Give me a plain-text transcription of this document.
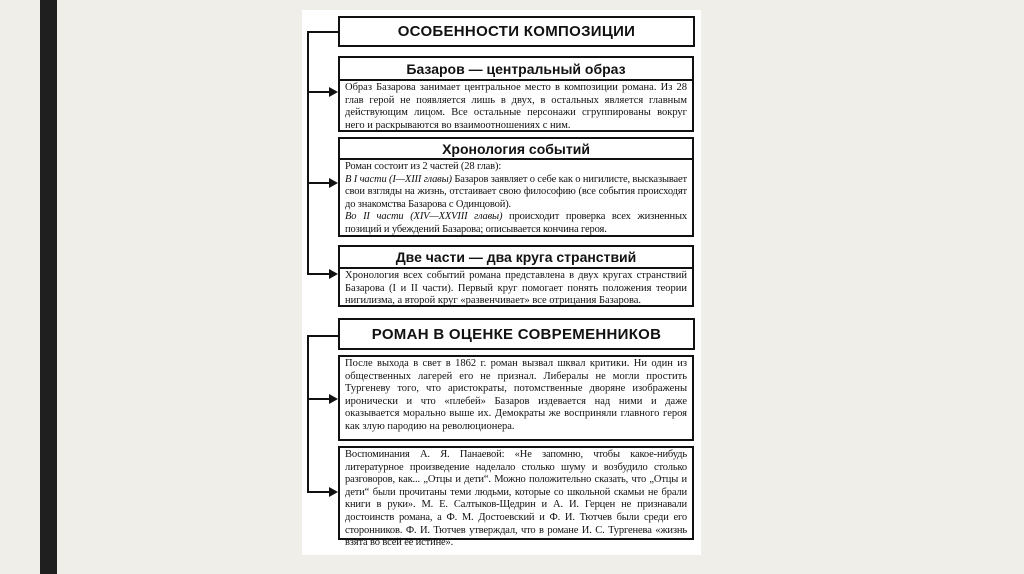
ОСОБЕННОСТИ КОМПОЗИЦИИ
Базаров — центральный образ

Образ Базарова занимает центральное место в композиции романа. Из 28 глав герой не появляется лишь в двух, в остальных является главным действующим лицом. Все остальные персонажи сгруппированы вокруг него и раскрываются во взаимоотношениях с ним.

Хронология событий

Роман состоит из 2 частей (28 глав):

В I части (I—XIII главы) Базаров заявляет о себе как о нигилисте, высказывает свои взгляды на жизнь, отстаивает свою философию (все события происходят до знакомства Базарова с Одинцовой).

Во II части (XIV—XXVIII главы) происходит проверка всех жизненных позиций и убеждений Базарова; описывается кончина героя.

Две части — два круга странствий

Хронология всех событий романа представлена в двух кругах странствий Базарова (I и II части). Первый круг помогает понять положения теории нигилизма, а второй круг «развенчивает» все отрицания Базарова.

РОМАН В ОЦЕНКЕ СОВРЕМЕННИКОВ

После выхода в свет в 1862 г. роман вызвал шквал критики. Ни один из общественных лагерей его не признал. Либералы не могли простить Тургеневу того, что аристократы, потомственные дворяне изображены иронически и что «плебей» Базаров издевается над ними и даже оказывается морально выше их. Демократы же восприняли главного героя как злую пародию на революционера.

Воспоминания А. Я. Панаевой: «Не запомню, чтобы какое-нибудь литературное произведение наделало столько шуму и возбудило столько разговоров, как... „Отцы и дети“. Можно положительно сказать, что „Отцы и дети“ были прочитаны теми людьми, которые со школьной скамьи не брали книги в руки». М. Е. Салтыков-Щедрин и А. И. Герцен не признавали достоинств романа, а Ф. М. Достоевский и Ф. И. Тютчев были среди его сторонников. Ф. И. Тютчев утверждал, что в романе И. С. Тургенева «жизнь взята во всей её истине».
